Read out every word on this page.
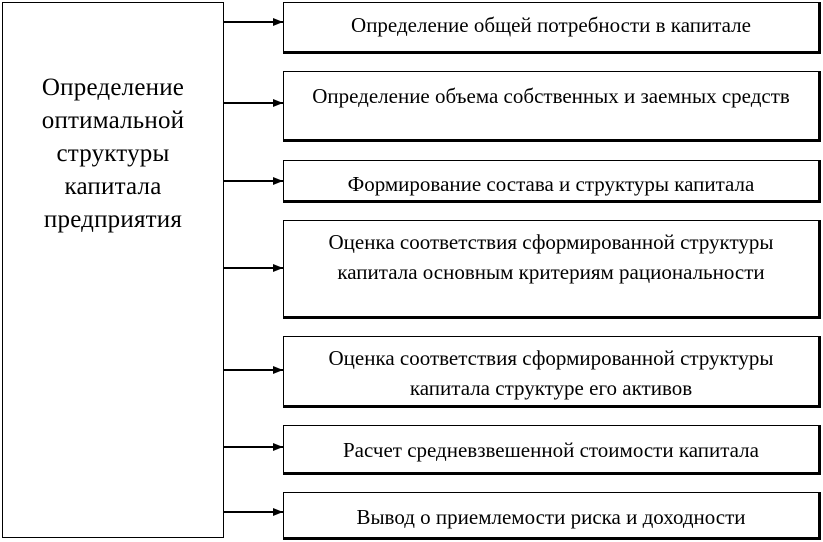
Определение
оптимальной
структуры
капитала
предприятия
Определение общей потребности в капитале
Определение объема собственных и заемных средств
Формирование состава и структуры капитала
Оценка соответствия сформированной структуры капитала основным критериям рациональности
Оценка соответствия сформированной структуры капитала структуре его активов
Расчет средневзвешенной стоимости капитала
Вывод о приемлемости риска и доходности
